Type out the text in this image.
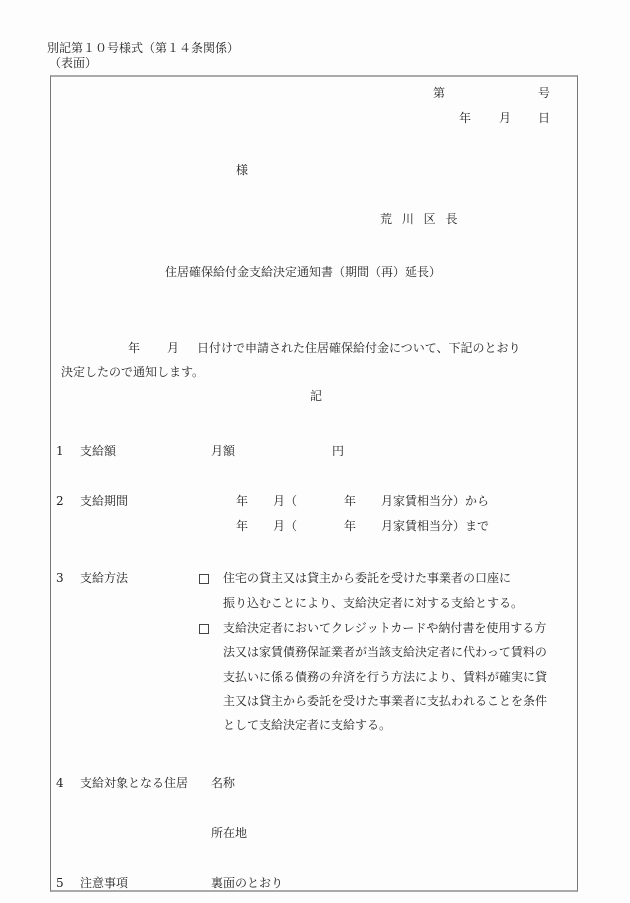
別記第１０号様式（第１４条関係）
（表面）
第	号
年 月 日
様
荒 川 区 長
住居確保給付金支給決定通知書（期間（再）延長）
年 月 日付けで申請された住居確保給付金について、下記のとおり
決定したので通知します。
記
1 支給額	月額	円
2 支給期間	年 月（	年 月家賃相当分）から
年 月（	年 月家賃相当分）まで
3 支給方法	住宅の貸主又は貸主から委託を受けた事業者の口座に
振り込むことにより、支給決定者に対する支給とする。
支給決定者においてクレジットカードや納付書を使用する方
法又は家賃債務保証業者が当該支給決定者に代わって賃料の
支払いに係る債務の弁済を行う方法により、賃料が確実に貸
主又は貸主から委託を受けた事業者に支払われることを条件
として支給決定者に支給する。
4 支給対象となる住居 名称
所在地
5 注意事項	裏面のとおり
